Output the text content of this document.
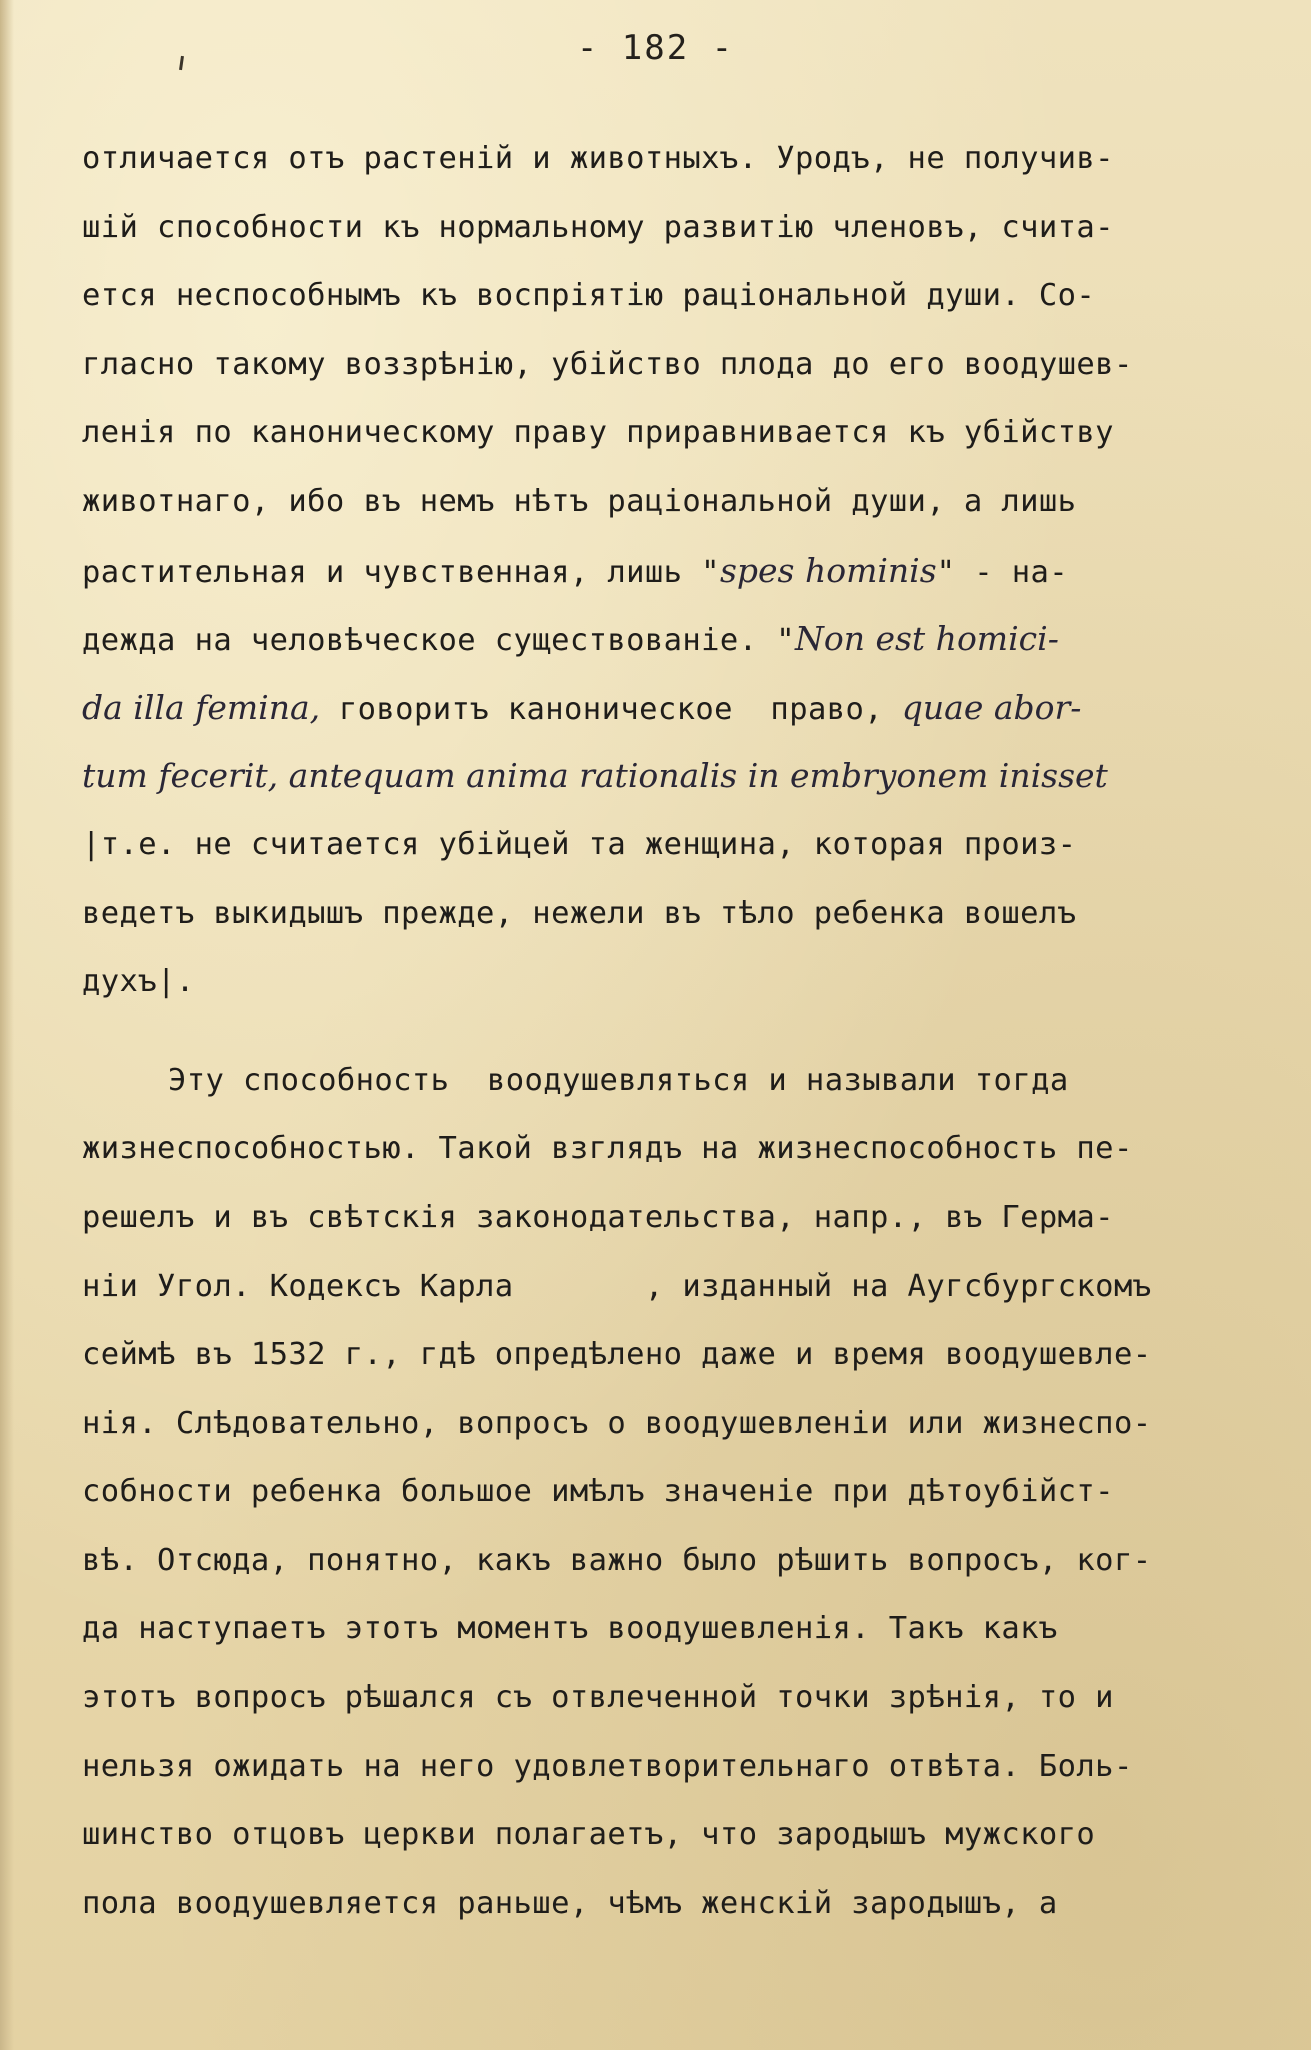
- 182 -
отличается отъ растенiй и животныхъ. Уродъ, не получив-
шiй способности къ нормальному развитiю членовъ, счита-
ется неспособнымъ къ воспрiятiю рацiональной души. Со-
гласно такому воззрѣнiю, убiйство плода до его воодушев-
ленiя по каноническому праву приравнивается къ убiйству
животнаго, ибо въ немъ нѣтъ рацiональной души, а лишь
растительная и чувственная, лишь "spes hominis" - на-
дежда на человѣческое существованiе. "Non est homici-
da illa femina, говоритъ каноническое  право, quae abor-
tum fecerit, antequam anima rationalis in embryonem inisset
|т.е. не считается убiйцей та женщина, которая произ-
ведетъ выкидышъ прежде, нежели въ тѣло ребенка вошелъ
духъ|.
Эту способность  воодушевляться и называли тогда
жизнеспособностью. Такой взглядъ на жизнеспособность пе-
решелъ и въ свѣтскiя законодательства, напр., въ Герма-
нiи Угол. Кодексъ Карла       , изданный на Аугсбургскомъ
сеймѣ въ 1532 г., гдѣ опредѣлено даже и время воодушевле-
нiя. Слѣдовательно, вопросъ о воодушевленiи или жизнеспо-
собности ребенка большое имѣлъ значенiе при дѣтоубiйст-
вѣ. Отсюда, понятно, какъ важно было рѣшить вопросъ, ког-
да наступаетъ этотъ моментъ воодушевленiя. Такъ какъ
этотъ вопросъ рѣшался съ отвлеченной точки зрѣнiя, то и
нельзя ожидать на него удовлетворительнаго отвѣта. Боль-
шинство отцовъ церкви полагаетъ, что зародышъ мужского
пола воодушевляется раньше, чѣмъ женскiй зародышъ, а
